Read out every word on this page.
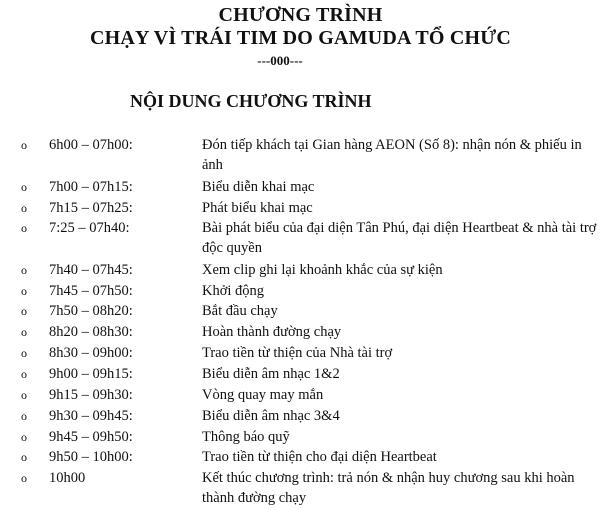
CHƯƠNG TRÌNH
CHẠY VÌ TRÁI TIM DO GAMUDA TỔ CHỨC
---000---
NỘI DUNG CHƯƠNG TRÌNH
o 6h00 – 07h00:	Đón tiếp khách tại Gian hàng AEON (Số 8): nhận nón & phiếu in ảnh
o 7h00 – 07h15:	Biểu diễn khai mạc
o 7h15 – 07h25:	Phát biểu khai mạc
o 7:25 – 07h40:	Bài phát biểu của đại diện Tân Phú, đại diện Heartbeat & nhà tài trợ độc quyền
o 7h40 – 07h45:	Xem clip ghi lại khoảnh khắc của sự kiện
o 7h45 – 07h50:	Khởi động
o 7h50 – 08h20:	Bắt đầu chạy
o 8h20 – 08h30:	Hoàn thành đường chạy
o 8h30 – 09h00:	Trao tiền từ thiện của Nhà tài trợ
o 9h00 – 09h15:	Biểu diễn âm nhạc 1&2
o 9h15 – 09h30:	Vòng quay may mắn
o 9h30 – 09h45:	Biểu diễn âm nhạc 3&4
o 9h45 – 09h50:	Thông báo quỹ
o 9h50 – 10h00:	Trao tiền từ thiện cho đại diện Heartbeat
o 10h00	Kết thúc chương trình: trả nón & nhận huy chương sau khi hoàn thành đường chạy
